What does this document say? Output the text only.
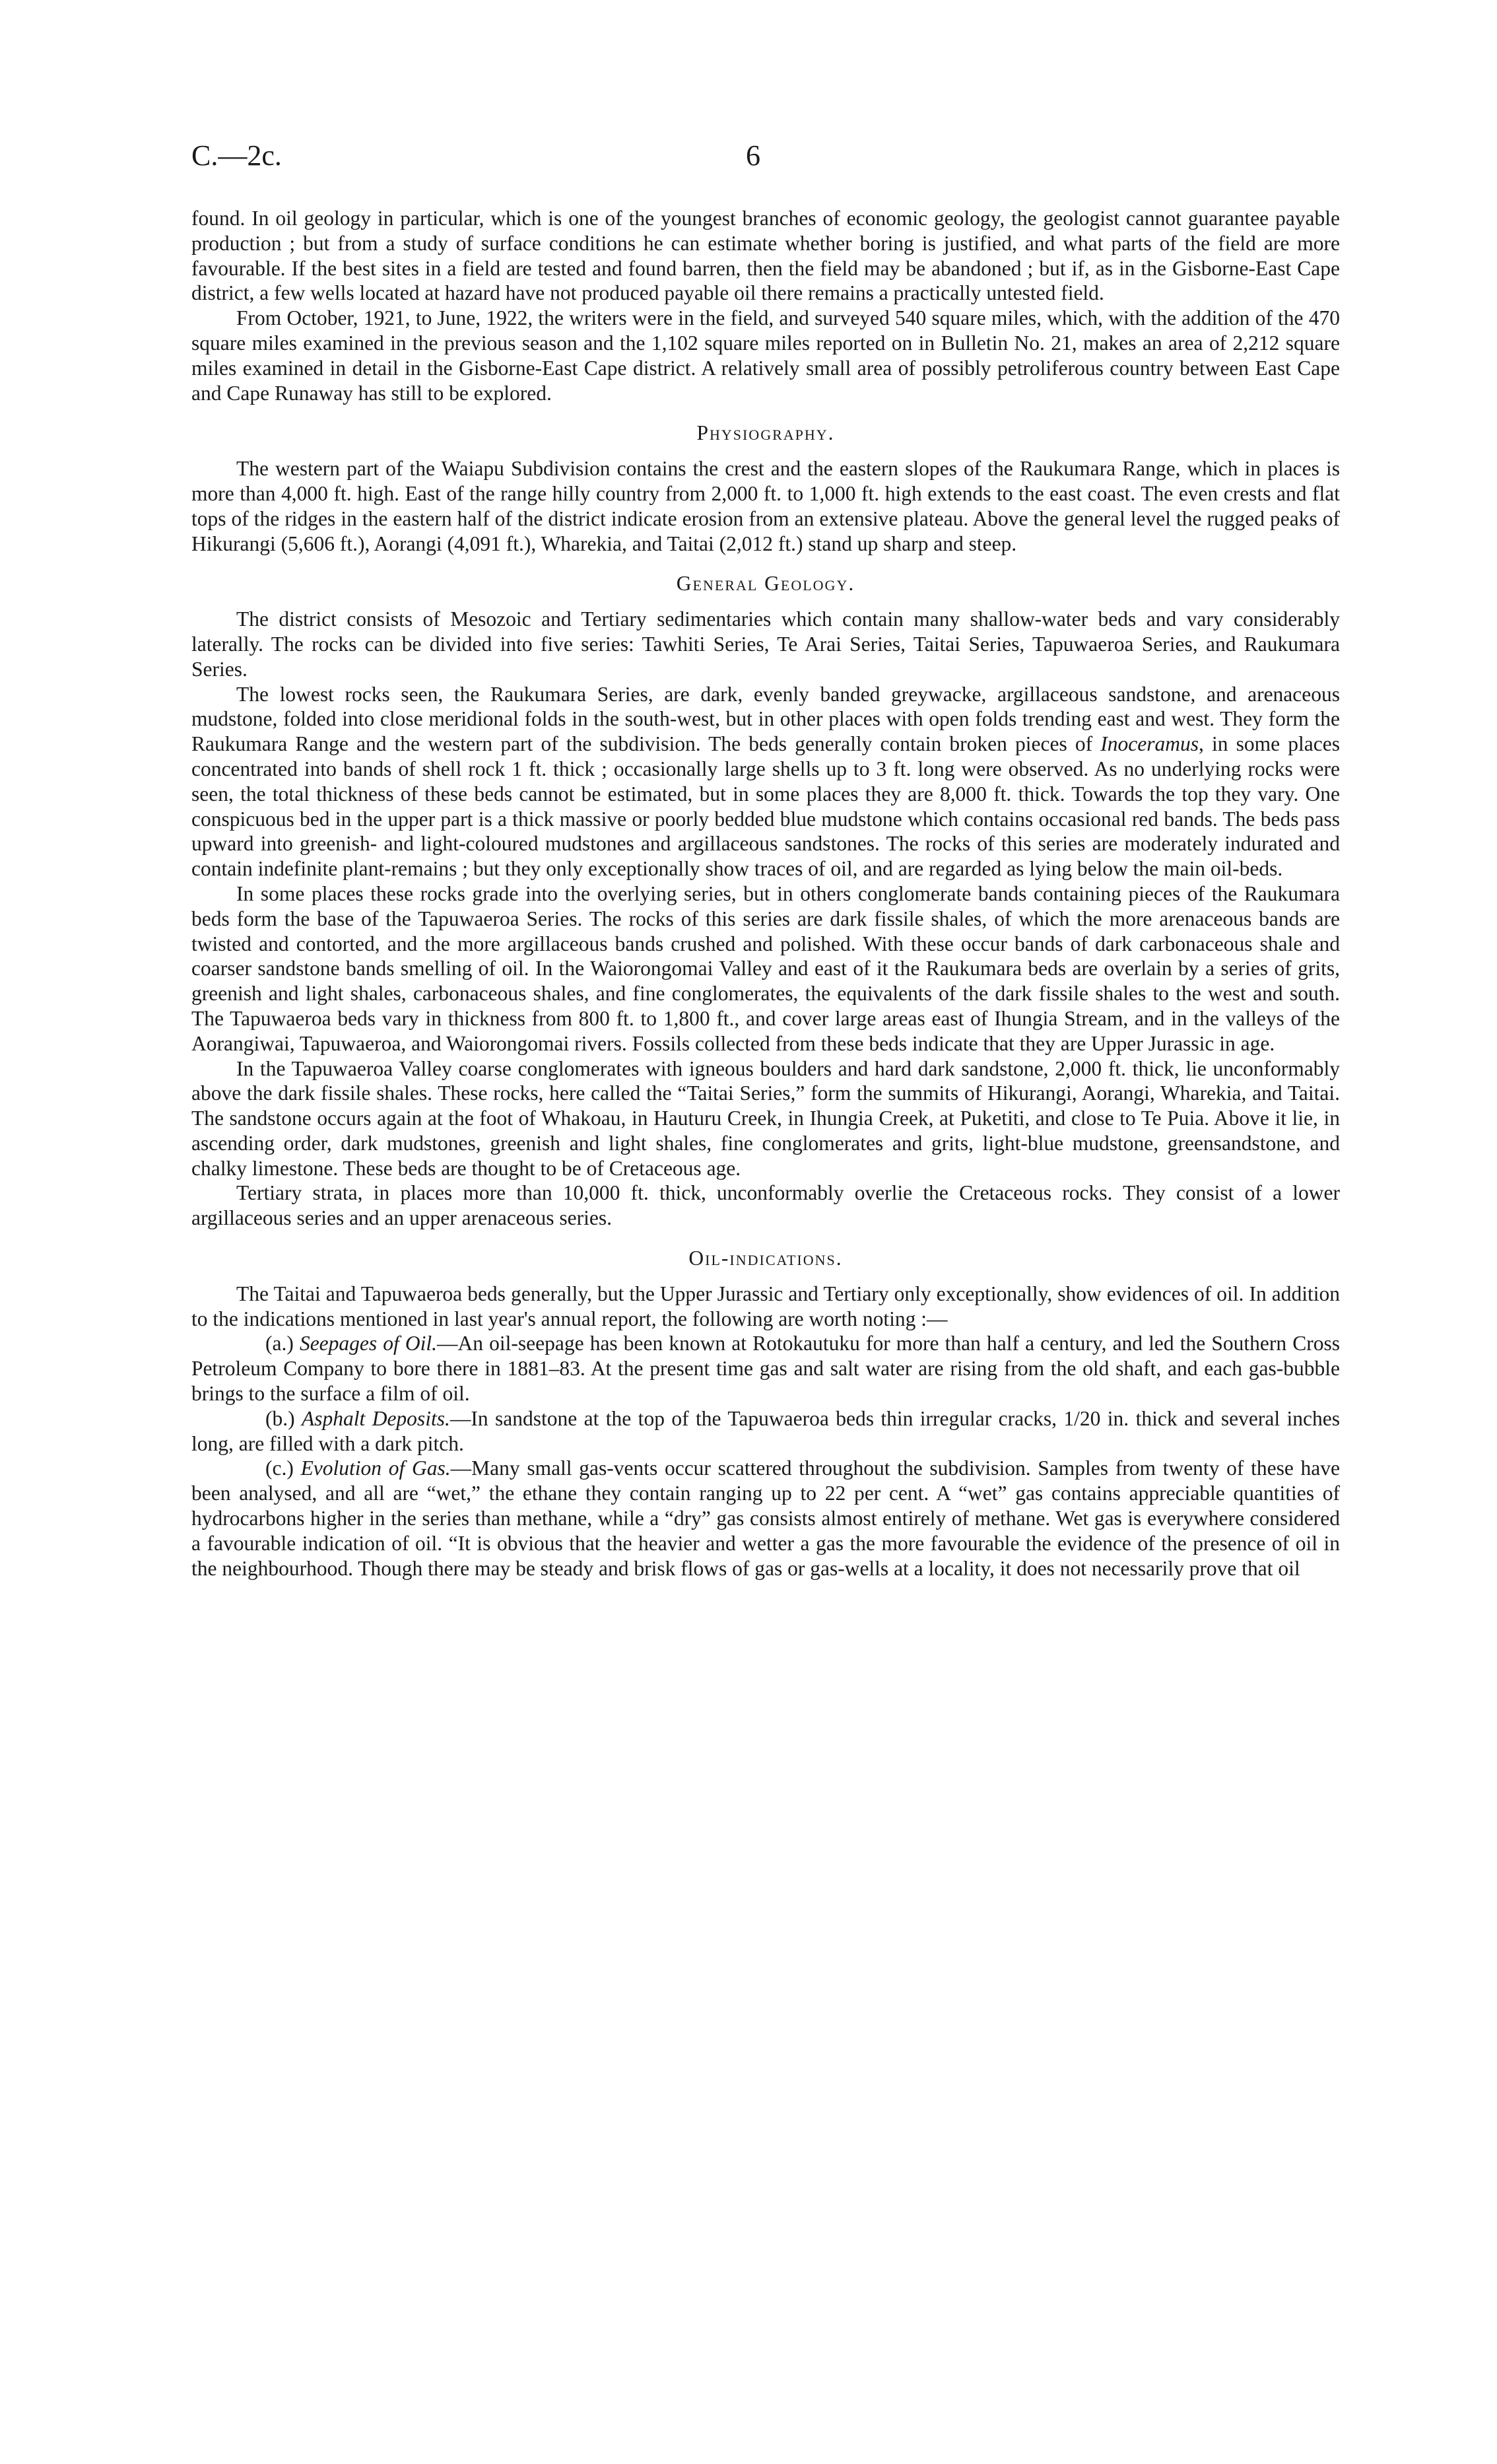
C.—2c.	6

found. In oil geology in particular, which is one of the youngest branches of economic geology, the geologist cannot guarantee payable production ; but from a study of surface conditions he can estimate whether boring is justified, and what parts of the field are more favourable. If the best sites in a field are tested and found barren, then the field may be abandoned ; but if, as in the Gisborne-East Cape district, a few wells located at hazard have not produced payable oil there remains a practically untested field.

From October, 1921, to June, 1922, the writers were in the field, and surveyed 540 square miles, which, with the addition of the 470 square miles examined in the previous season and the 1,102 square miles reported on in Bulletin No. 21, makes an area of 2,212 square miles examined in detail in the Gisborne-East Cape district. A relatively small area of possibly petroliferous country between East Cape and Cape Runaway has still to be explored.

Physiography.

The western part of the Waiapu Subdivision contains the crest and the eastern slopes of the Raukumara Range, which in places is more than 4,000 ft. high. East of the range hilly country from 2,000 ft. to 1,000 ft. high extends to the east coast. The even crests and flat tops of the ridges in the eastern half of the district indicate erosion from an extensive plateau. Above the general level the rugged peaks of Hikurangi (5,606 ft.), Aorangi (4,091 ft.), Wharekia, and Taitai (2,012 ft.) stand up sharp and steep.

General Geology.

The district consists of Mesozoic and Tertiary sedimentaries which contain many shallow-water beds and vary considerably laterally. The rocks can be divided into five series: Tawhiti Series, Te Arai Series, Taitai Series, Tapuwaeroa Series, and Raukumara Series.

The lowest rocks seen, the Raukumara Series, are dark, evenly banded greywacke, argillaceous sandstone, and arenaceous mudstone, folded into close meridional folds in the south-west, but in other places with open folds trending east and west. They form the Raukumara Range and the western part of the subdivision. The beds generally contain broken pieces of Inoceramus, in some places concentrated into bands of shell rock 1 ft. thick ; occasionally large shells up to 3 ft. long were observed. As no underlying rocks were seen, the total thickness of these beds cannot be estimated, but in some places they are 8,000 ft. thick. Towards the top they vary. One conspicuous bed in the upper part is a thick massive or poorly bedded blue mudstone which contains occasional red bands. The beds pass upward into greenish- and light-coloured mudstones and argillaceous sandstones. The rocks of this series are moderately indurated and contain indefinite plant-remains ; but they only exceptionally show traces of oil, and are regarded as lying below the main oil-beds.

In some places these rocks grade into the overlying series, but in others conglomerate bands containing pieces of the Raukumara beds form the base of the Tapuwaeroa Series. The rocks of this series are dark fissile shales, of which the more arenaceous bands are twisted and contorted, and the more argillaceous bands crushed and polished. With these occur bands of dark carbonaceous shale and coarser sandstone bands smelling of oil. In the Waiorongomai Valley and east of it the Raukumara beds are overlain by a series of grits, greenish and light shales, carbonaceous shales, and fine conglomerates, the equivalents of the dark fissile shales to the west and south. The Tapuwaeroa beds vary in thickness from 800 ft. to 1,800 ft., and cover large areas east of Ihungia Stream, and in the valleys of the Aorangiwai, Tapuwaeroa, and Waiorongomai rivers. Fossils collected from these beds indicate that they are Upper Jurassic in age.

In the Tapuwaeroa Valley coarse conglomerates with igneous boulders and hard dark sandstone, 2,000 ft. thick, lie unconformably above the dark fissile shales. These rocks, here called the “Taitai Series,” form the summits of Hikurangi, Aorangi, Wharekia, and Taitai. The sandstone occurs again at the foot of Whakoau, in Hauturu Creek, in Ihungia Creek, at Puketiti, and close to Te Puia. Above it lie, in ascending order, dark mudstones, greenish and light shales, fine conglomerates and grits, light-blue mudstone, greensandstone, and chalky limestone. These beds are thought to be of Cretaceous age.

Tertiary strata, in places more than 10,000 ft. thick, unconformably overlie the Cretaceous rocks. They consist of a lower argillaceous series and an upper arenaceous series.

Oil-indications.

The Taitai and Tapuwaeroa beds generally, but the Upper Jurassic and Tertiary only exceptionally, show evidences of oil. In addition to the indications mentioned in last year's annual report, the following are worth noting :—

(a.) Seepages of Oil.—An oil-seepage has been known at Rotokautuku for more than half a century, and led the Southern Cross Petroleum Company to bore there in 1881–83. At the present time gas and salt water are rising from the old shaft, and each gas-bubble brings to the surface a film of oil.

(b.) Asphalt Deposits.—In sandstone at the top of the Tapuwaeroa beds thin irregular cracks, 1/20 in. thick and several inches long, are filled with a dark pitch.

(c.) Evolution of Gas.—Many small gas-vents occur scattered throughout the subdivision. Samples from twenty of these have been analysed, and all are “wet,” the ethane they contain ranging up to 22 per cent. A “wet” gas contains appreciable quantities of hydrocarbons higher in the series than methane, while a “dry” gas consists almost entirely of methane. Wet gas is everywhere considered a favourable indication of oil. “It is obvious that the heavier and wetter a gas the more favourable the evidence of the presence of oil in the neighbourhood. Though there may be steady and brisk flows of gas or gas-wells at a locality, it does not necessarily prove that oil
